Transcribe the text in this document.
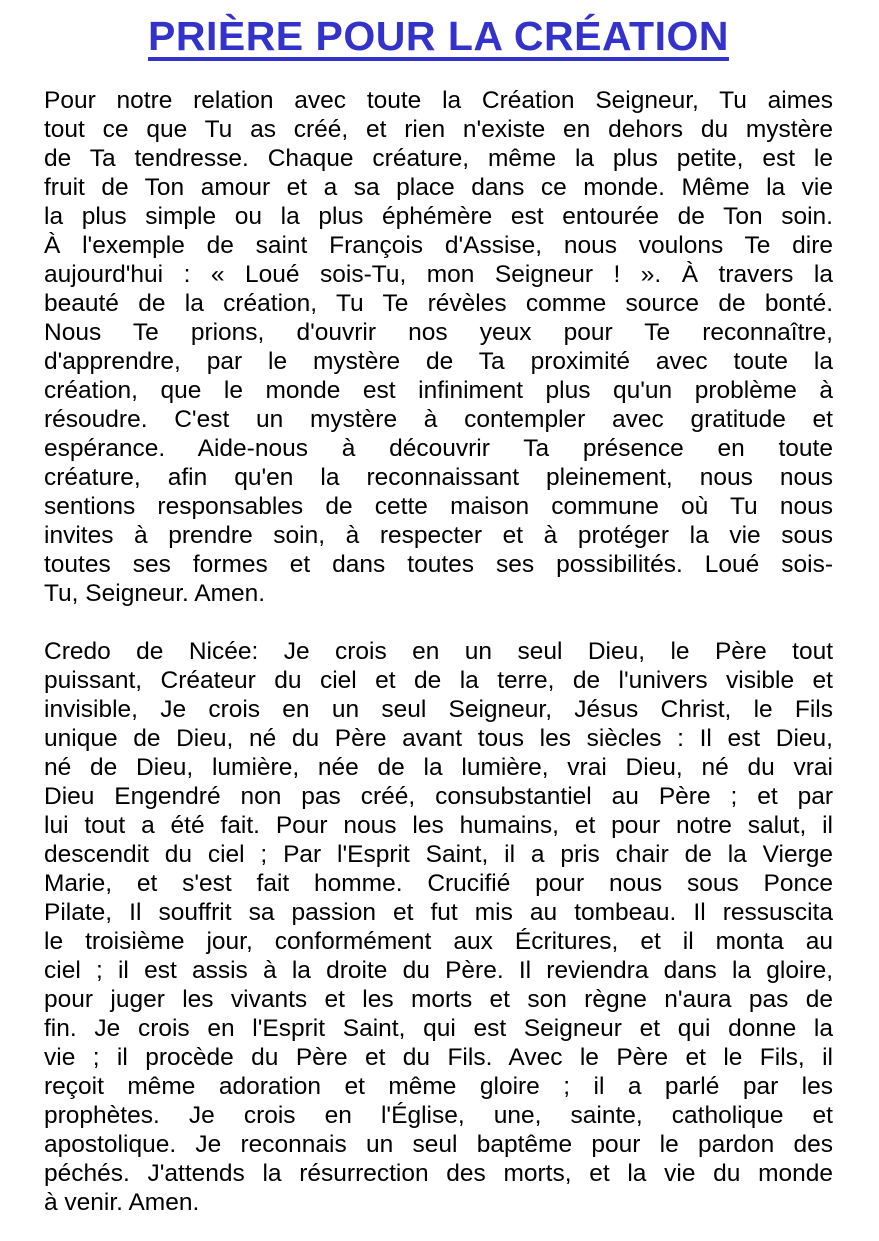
PRIÈRE POUR LA CRÉATION
Pour notre relation avec toute la Création Seigneur, Tu aimes
tout ce que Tu as créé, et rien n'existe en dehors du mystère
de Ta tendresse. Chaque créature, même la plus petite, est le
fruit de Ton amour et a sa place dans ce monde. Même la vie
la plus simple ou la plus éphémère est entourée de Ton soin.
À l'exemple de saint François d'Assise, nous voulons Te dire
aujourd'hui : « Loué sois-Tu, mon Seigneur ! ». À travers la
beauté de la création, Tu Te révèles comme source de bonté.
Nous Te prions, d'ouvrir nos yeux pour Te reconnaître,
d'apprendre, par le mystère de Ta proximité avec toute la
création, que le monde est infiniment plus qu'un problème à
résoudre. C'est un mystère à contempler avec gratitude et
espérance. Aide-nous à découvrir Ta présence en toute
créature, afin qu'en la reconnaissant pleinement, nous nous
sentions responsables de cette maison commune où Tu nous
invites à prendre soin, à respecter et à protéger la vie sous
toutes ses formes et dans toutes ses possibilités. Loué sois-
Tu, Seigneur. Amen.
Credo de Nicée: Je crois en un seul Dieu, le Père tout
puissant, Créateur du ciel et de la terre, de l'univers visible et
invisible, Je crois en un seul Seigneur, Jésus Christ, le Fils
unique de Dieu, né du Père avant tous les siècles : Il est Dieu,
né de Dieu, lumière, née de la lumière, vrai Dieu, né du vrai
Dieu Engendré non pas créé, consubstantiel au Père ; et par
lui tout a été fait. Pour nous les humains, et pour notre salut, il
descendit du ciel ; Par l'Esprit Saint, il a pris chair de la Vierge
Marie, et s'est fait homme. Crucifié pour nous sous Ponce
Pilate, Il souffrit sa passion et fut mis au tombeau. Il ressuscita
le troisième jour, conformément aux Écritures, et il monta au
ciel ; il est assis à la droite du Père. Il reviendra dans la gloire,
pour juger les vivants et les morts et son règne n'aura pas de
fin. Je crois en l'Esprit Saint, qui est Seigneur et qui donne la
vie ; il procède du Père et du Fils. Avec le Père et le Fils, il
reçoit même adoration et même gloire ; il a parlé par les
prophètes. Je crois en l'Église, une, sainte, catholique et
apostolique. Je reconnais un seul baptême pour le pardon des
péchés. J'attends la résurrection des morts, et la vie du monde
à venir. Amen.
